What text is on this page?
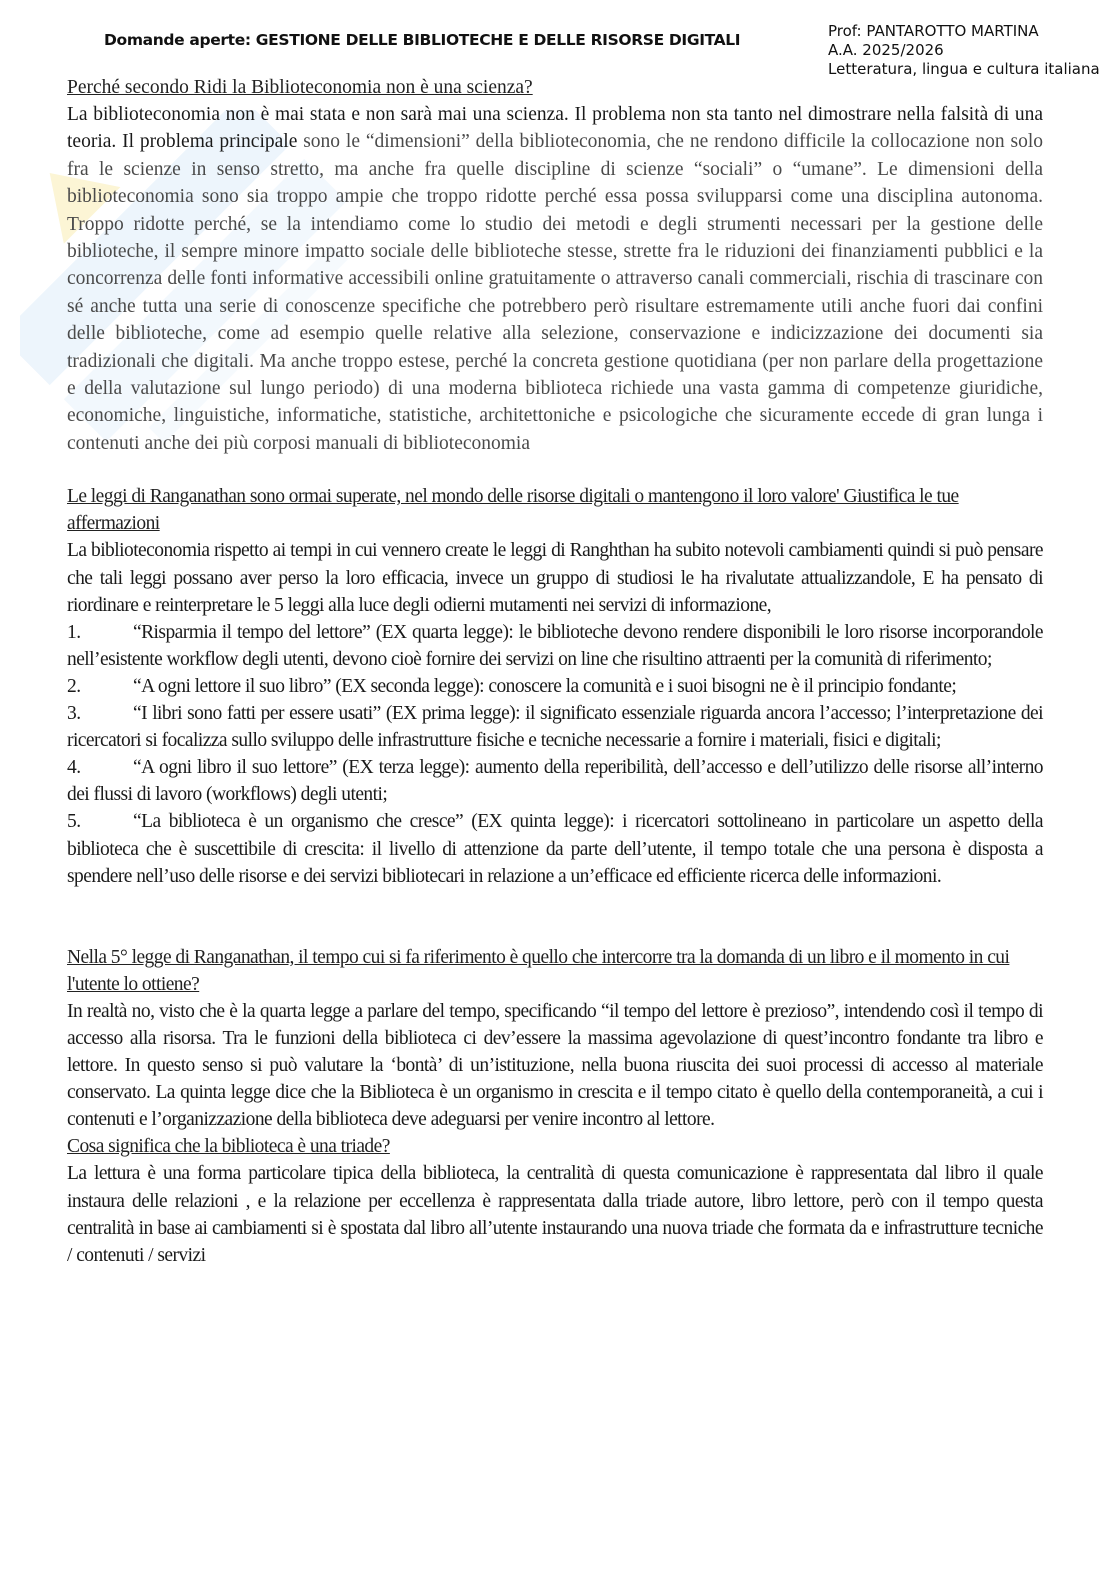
Domande aperte: GESTIONE DELLE BIBLIOTECHE E DELLE RISORSE DIGITALI	Prof: PANTAROTTO MARTINA
A.A. 2025/2026
Letteratura, lingua e cultura italiana

Perché secondo Ridi la Biblioteconomia non è una scienza?

La biblioteconomia non è mai stata e non sarà mai una scienza. Il problema non sta tanto nel dimostrare nella falsità di una teoria. Il problema principale sono le “dimensioni” della biblioteconomia, che ne rendono difficile la collocazione non solo fra le scienze in senso stretto, ma anche fra quelle discipline di scienze “sociali” o “umane”. Le dimensioni della biblioteconomia sono sia troppo ampie che troppo ridotte perché essa possa svilupparsi come una disciplina autonoma. Troppo ridotte perché, se la intendiamo come lo studio dei metodi e degli strumenti necessari per la gestione delle biblioteche, il sempre minore impatto sociale delle biblioteche stesse, strette fra le riduzioni dei finanziamenti pubblici e la concorrenza delle fonti informative accessibili online gratuitamente o attraverso canali commerciali, rischia di trascinare con sé anche tutta una serie di conoscenze specifiche che potrebbero però risultare estremamente utili anche fuori dai confini delle biblioteche, come ad esempio quelle relative alla selezione, conservazione e indicizzazione dei documenti sia tradizionali che digitali. Ma anche troppo estese, perché la concreta gestione quotidiana (per non parlare della progettazione e della valutazione sul lungo periodo) di una moderna biblioteca richiede una vasta gamma di competenze giuridiche, economiche, linguistiche, informatiche, statistiche, architettoniche e psicologiche che sicuramente eccede di gran lunga i contenuti anche dei più corposi manuali di biblioteconomia

Le leggi di Ranganathan sono ormai superate, nel mondo delle risorse digitali o mantengono il loro valore' Giustifica le tue affermazioni

La biblioteconomia rispetto ai tempi in cui vennero create le leggi di Ranghthan ha subito notevoli cambiamenti quindi si può pensare che tali leggi possano aver perso la loro efficacia, invece un gruppo di studiosi le ha rivalutate attualizzandole, E ha pensato di riordinare e reinterpretare le 5 leggi alla luce degli odierni mutamenti nei servizi di informazione,

1.	“Risparmia il tempo del lettore” (EX quarta legge): le biblioteche devono rendere disponibili le loro risorse incorporandole nell’esistente workflow degli utenti, devono cioè fornire dei servizi on line che risultino attraenti per la comunità di riferimento;

2.	“A ogni lettore il suo libro” (EX seconda legge): conoscere la comunità e i suoi bisogni ne è il principio fondante;

3.	“I libri sono fatti per essere usati” (EX prima legge): il significato essenziale riguarda ancora l’accesso; l’interpretazione dei ricercatori si focalizza sullo sviluppo delle infrastrutture fisiche e tecniche necessarie a fornire i materiali, fisici e digitali;

4.	“A ogni libro il suo lettore” (EX terza legge): aumento della reperibilità, dell’accesso e dell’utilizzo delle risorse all’interno dei flussi di lavoro (workflows) degli utenti;

5.	“La biblioteca è un organismo che cresce” (EX quinta legge): i ricercatori sottolineano in particolare un aspetto della biblioteca che è suscettibile di crescita: il livello di attenzione da parte dell’utente, il tempo totale che una persona è disposta a spendere nell’uso delle risorse e dei servizi bibliotecari in relazione a un’efficace ed efficiente ricerca delle informazioni.

Nella 5° legge di Ranganathan, il tempo cui si fa riferimento è quello che intercorre tra la domanda di un libro e il momento in cui l'utente lo ottiene?

In realtà no, visto che è la quarta legge a parlare del tempo, specificando “il tempo del lettore è prezioso”, intendendo così il tempo di accesso alla risorsa. Tra le funzioni della biblioteca ci dev’essere la massima agevolazione di quest’incontro fondante tra libro e lettore. In questo senso si può valutare la ‘bontà’ di un’istituzione, nella buona riuscita dei suoi processi di accesso al materiale conservato. La quinta legge dice che la Biblioteca è un organismo in crescita e il tempo citato è quello della contemporaneità, a cui i contenuti e l’organizzazione della biblioteca deve adeguarsi per venire incontro al lettore.

Cosa significa che la biblioteca è una triade?

La lettura è una forma particolare tipica della biblioteca, la centralità di questa comunicazione è rappresentata dal libro il quale instaura delle relazioni , e la relazione per eccellenza è rappresentata dalla triade autore, libro lettore, però con il tempo questa centralità in base ai cambiamenti si è spostata dal libro all’utente instaurando una nuova triade che formata da e infrastrutture tecniche / contenuti / servizi
